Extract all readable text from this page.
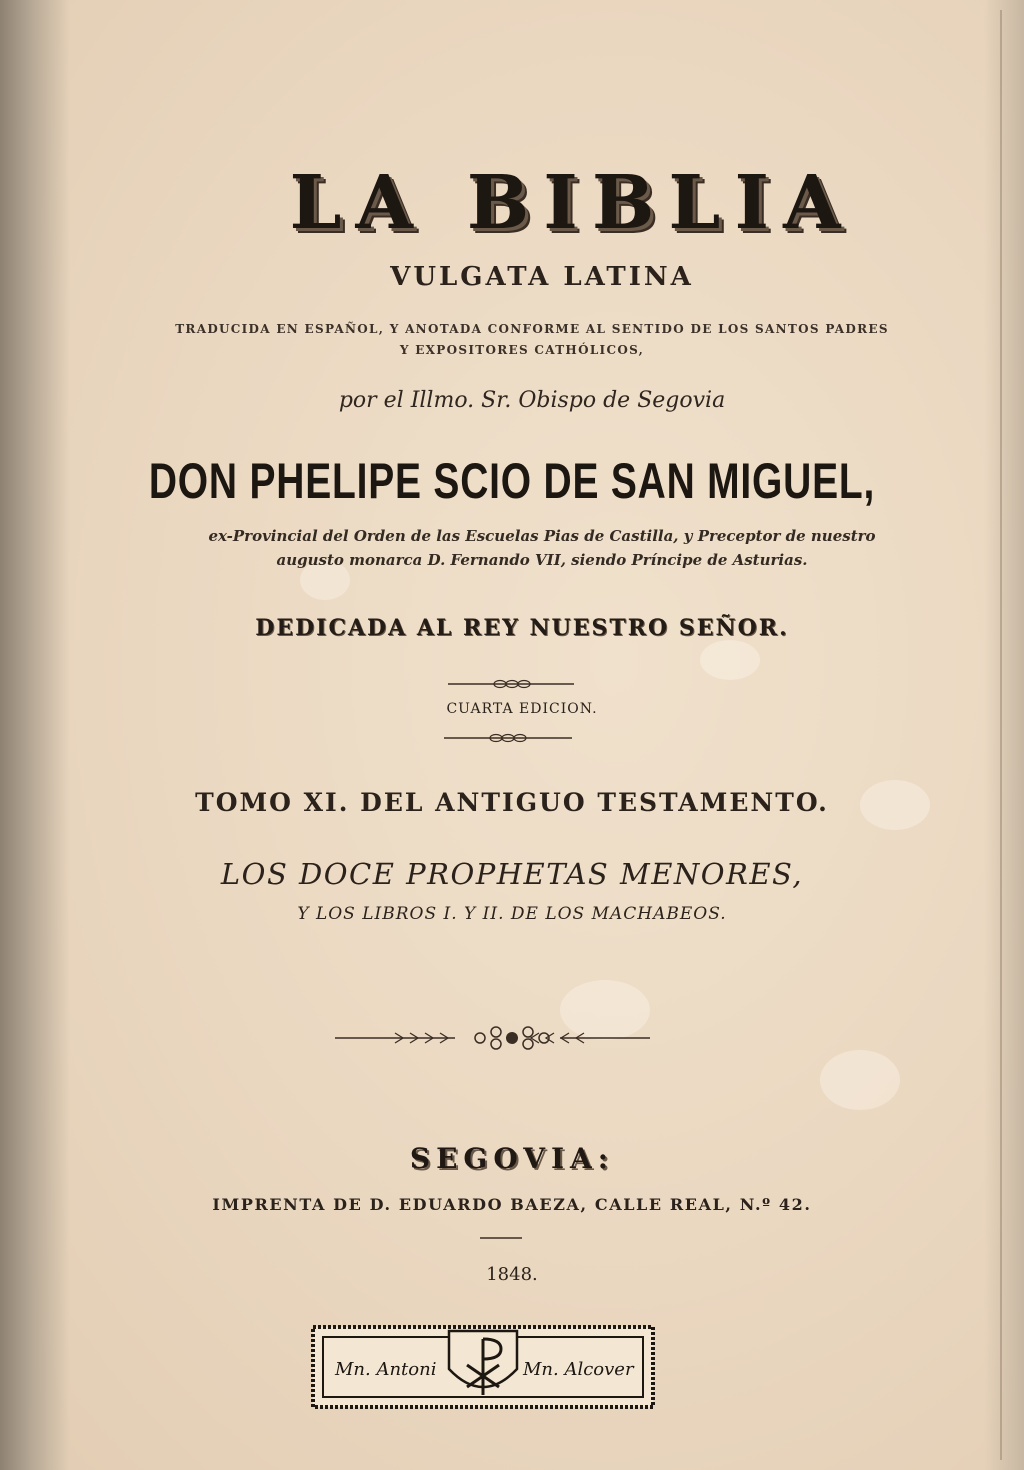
LA BIBLIA
VULGATA LATINA
TRADUCIDA EN ESPAÑOL, Y ANOTADA CONFORME AL SENTIDO DE LOS SANTOS PADRES
Y EXPOSITORES CATHÓLICOS,
por el Illmo. Sr. Obispo de Segovia
DON PHELIPE SCIO DE SAN MIGUEL,
ex-Provincial del Orden de las Escuelas Pias de Castilla, y Preceptor de nuestro
augusto monarca D. Fernando VII, siendo Príncipe de Asturias.
DEDICADA AL REY NUESTRO SEÑOR.
CUARTA EDICION.
TOMO XI. DEL ANTIGUO TESTAMENTO.
LOS DOCE PROPHETAS MENORES,
Y LOS LIBROS I. Y II. DE LOS MACHABEOS.
SEGOVIA:
IMPRENTA DE D. EDUARDO BAEZA, CALLE REAL, N.º 42.
1848.
Mn. Antoni	Mn. Alcover
